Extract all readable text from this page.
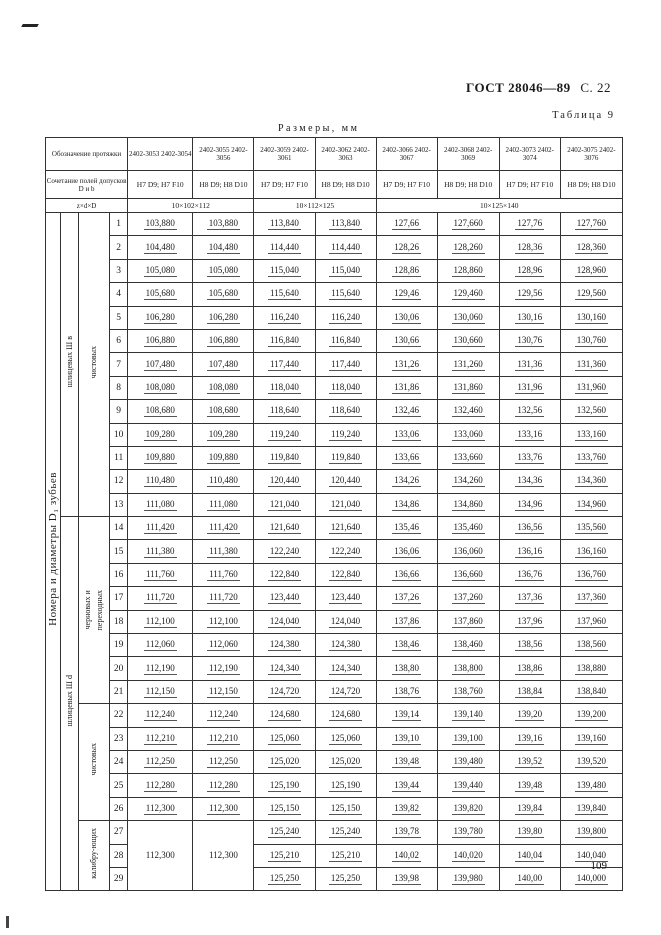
ГОСТ 28046—89 С. 22
Таблица 9
Размеры, мм
Обозначение протяжки				2402-3053 2402-3054	2402-3055 2402-3056	2402-3059 2402-3061	2402-3062 2402-3063	2402-3066 2402-3067	2402-3068 2402-3069	2402-3073 2402-3074	2402-3075 2402-3076
Сочетание полей допусков D и b				H7 D9; H7 F10	H8 D9; H8 D10	H7 D9; H7 F10	H8 D9; H8 D10	H7 D9; H7 F10	H8 D9; H8 D10	H7 D9; H7 F10	H8 D9; H8 D10
z×d×D				10×102×112		10×112×125		10×125×140			
Номера и диаметры D₁ зубьев	шлицевых Ш в	чистовых	1	103,880	103,880	113,840	113,840	127,66	127,660	127,76	127,760
			2	104,480	104,480	114,440	114,440	128,26	128,260	128,36	128,360
			3	105,080	105,080	115,040	115,040	128,86	128,860	128,96	128,960
			4	105,680	105,680	115,640	115,640	129,46	129,460	129,56	129,560
			5	106,280	106,280	116,240	116,240	130,06	130,060	130,16	130,160
			6	106,880	106,880	116,840	116,840	130,66	130,660	130,76	130,760
			7	107,480	107,480	117,440	117,440	131,26	131,260	131,36	131,360
			8	108,080	108,080	118,040	118,040	131,86	131,860	131,96	131,960
			9	108,680	108,680	118,640	118,640	132,46	132,460	132,56	132,560
			10	109,280	109,280	119,240	119,240	133,06	133,060	133,16	133,160
			11	109,880	109,880	119,840	119,840	133,66	133,660	133,76	133,760
			12	110,480	110,480	120,440	120,440	134,26	134,260	134,36	134,360
			13	111,080	111,080	121,040	121,040	134,86	134,860	134,96	134,960
	шлицевых Ш d	черновых и переходных	14	111,420	111,420	121,640	121,640	135,46	135,460	136,56	135,560
			15	111,380	111,380	122,240	122,240	136,06	136,060	136,16	136,160
			16	111,760	111,760	122,840	122,840	136,66	136,660	136,76	136,760
			17	111,720	111,720	123,440	123,440	137,26	137,260	137,36	137,360
			18	112,100	112,100	124,040	124,040	137,86	137,860	137,96	137,960
			19	112,060	112,060	124,380	124,380	138,46	138,460	138,56	138,560
			20	112,190	112,190	124,340	124,340	138,80	138,800	138,86	138,880
			21	112,150	112,150	124,720	124,720	138,76	138,760	138,84	138,840
		чистовых	22	112,240	112,240	124,680	124,680	139,14	139,140	139,20	139,200
			23	112,210	112,210	125,060	125,060	139,10	139,100	139,16	139,160
			24	112,250	112,250	125,020	125,020	139,48	139,480	139,52	139,520
			25	112,280	112,280	125,190	125,190	139,44	139,440	139,48	139,480
			26	112,300	112,300	125,150	125,150	139,82	139,820	139,84	139,840
		калибру-ющих	27	112,300	112,300	125,240	125,240	139,78	139,780	139,80	139,800
			28			125,210	125,210	140,02	140,020	140,04	140,040
			29			125,250	125,250	139,98	139,980	140,00	140,000
109
